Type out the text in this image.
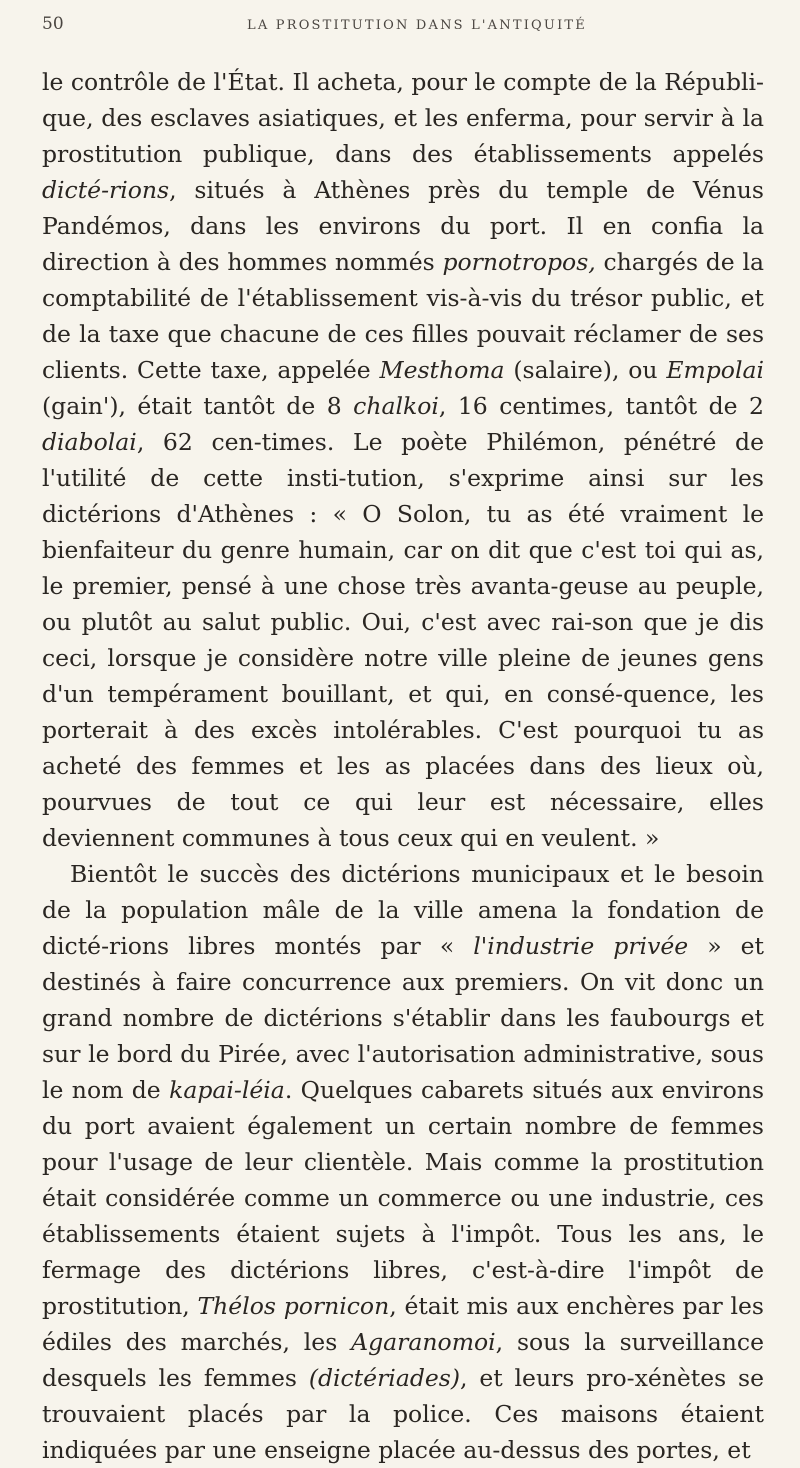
50	LA PROSTITUTION DANS L'ANTIQUITÉ

le contrôle de l'État. Il acheta, pour le compte de la Républi-que, des esclaves asiatiques, et les enferma, pour servir à la prostitution publique, dans des établissements appelés dicté-rions, situés à Athènes près du temple de Vénus Pandémos, dans les environs du port. Il en confia la direction à des hommes nommés pornotropos, chargés de la comptabilité de l'établissement vis-à-vis du trésor public, et de la taxe que chacune de ces filles pouvait réclamer de ses clients. Cette taxe, appelée Mesthoma (salaire), ou Empolai (gain'), était tantôt de 8 chalkoi, 16 centimes, tantôt de 2 diabolai, 62 cen-times. Le poète Philémon, pénétré de l'utilité de cette insti-tution, s'exprime ainsi sur les dictérions d'Athènes : « O Solon, tu as été vraiment le bienfaiteur du genre humain, car on dit que c'est toi qui as, le premier, pensé à une chose très avanta-geuse au peuple, ou plutôt au salut public. Oui, c'est avec rai-son que je dis ceci, lorsque je considère notre ville pleine de jeunes gens d'un tempérament bouillant, et qui, en consé-quence, les porterait à des excès intolérables. C'est pourquoi tu as acheté des femmes et les as placées dans des lieux où, pourvues de tout ce qui leur est nécessaire, elles deviennent communes à tous ceux qui en veulent. »

Bientôt le succès des dictérions municipaux et le besoin de la population mâle de la ville amena la fondation de dicté-rions libres montés par « l'industrie privée » et destinés à faire concurrence aux premiers. On vit donc un grand nombre de dictérions s'établir dans les faubourgs et sur le bord du Pirée, avec l'autorisation administrative, sous le nom de kapai-léia. Quelques cabarets situés aux environs du port avaient également un certain nombre de femmes pour l'usage de leur clientèle. Mais comme la prostitution était considérée comme un commerce ou une industrie, ces établissements étaient sujets à l'impôt. Tous les ans, le fermage des dictérions libres, c'est-à-dire l'impôt de prostitution, Thélos pornicon, était mis aux enchères par les édiles des marchés, les Agaranomoi, sous la surveillance desquels les femmes (dictériades), et leurs pro-xénètes se trouvaient placés par la police. Ces maisons étaient indiquées par une enseigne placée au-dessus des portes, et
